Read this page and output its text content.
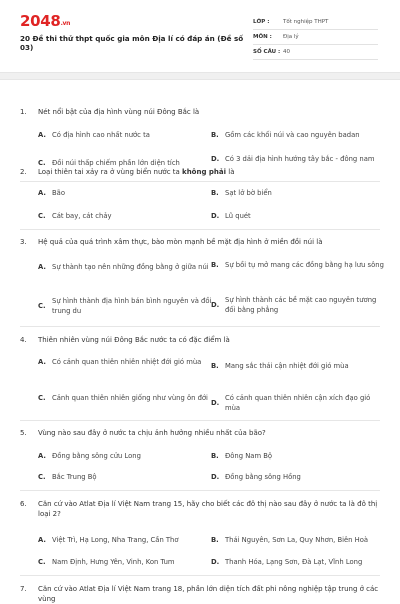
2048.vn
20 Đề thi thử thpt quốc gia môn Địa lí có đáp án (Đề số 03)
LỚP :	Tốt nghiệp THPT
MÔN :	Địa lý
SỐ CÂU : 40
1.	Nét nổi bật của địa hình vùng núi Đông Bắc là
A. Có địa hình cao nhất nước ta	B. Gồm các khối núi và cao nguyên badan
C. Đồi núi thấp chiếm phần lớn diện tích	D. Có 3 dải địa hình hướng tây bắc - đông nam
2.	Loại thiên tai xảy ra ở vùng biển nước ta không phải là
A. Bão	B. Sạt lở bờ biển
C. Cát bay, cát chảy	D. Lũ quét
3.	Hệ quả của quá trình xâm thực, bào mòn mạnh bề mặt địa hình ở miền đồi núi là
A. Sự thành tạo nên những đồng bằng ở giữa núi B. Sự bồi tụ mở mang các đồng bằng hạ lưu sông
C.
Sự hình thành địa hình bán bình nguyên và đồi trung du
D.
Sự hình thành các bề mặt cao nguyên tương đối bằng phẳng
4.	Thiên nhiên vùng núi Đông Bắc nước ta có đặc điểm là
A. Có cảnh quan thiên nhiên nhiệt đới gió mùa	B. Mang sắc thái cận nhiệt đới gió mùa
C. Cảnh quan thiên nhiên giống như vùng ôn đới
D.
Có cảnh quan thiên nhiên cận xích đạo gió mùa
5.	Vùng nào sau đây ở nước ta chịu ảnh hưởng nhiều nhất của bão?
A. Đồng bằng sông cửu Long	B. Đông Nam Bộ
C. Bắc Trung Bộ	D. Đồng bằng sông Hồng
6.	Căn cứ vào Atlat Địa lí Việt Nam trang 15, hãy cho biết các đô thị nào sau đây ở nước ta là đô thị loại 2?
A. Việt Trì, Hạ Long, Nha Trang, Cần Thơ	B. Thái Nguyên, Sơn La, Quy Nhơn, Biên Hoà
C. Nam Định, Hưng Yên, Vinh, Kon Tum	D. Thanh Hóa, Lạng Sơn, Đà Lạt, Vĩnh Long
7.	Căn cứ vào Atlat Địa lí Việt Nam trang 18, phần lớn diện tích đất phi nông nghiệp tập trung ở các vùng
